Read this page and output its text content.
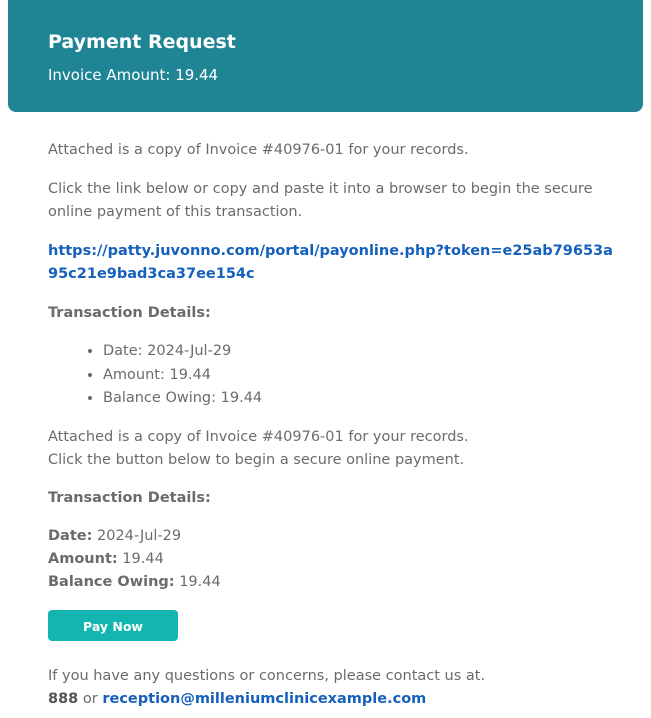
Payment Request
Invoice Amount: 19.44

Attached is a copy of Invoice #40976-01 for your records.

Click the link below or copy and paste it into a browser to begin the secure online payment of this transaction.

https://patty.juvonno.com/portal/payonline.php?token=e25ab79653a95c21e9bad3ca37ee154c

Transaction Details:

• Date: 2024-Jul-29
• Amount: 19.44
• Balance Owing: 19.44

Attached is a copy of Invoice #40976-01 for your records.
Click the button below to begin a secure online payment.

Transaction Details:

Date: 2024-Jul-29
Amount: 19.44
Balance Owing: 19.44
Pay Now

If you have any questions or concerns, please contact us at.
888 or reception@milleniumclinicexample.com
